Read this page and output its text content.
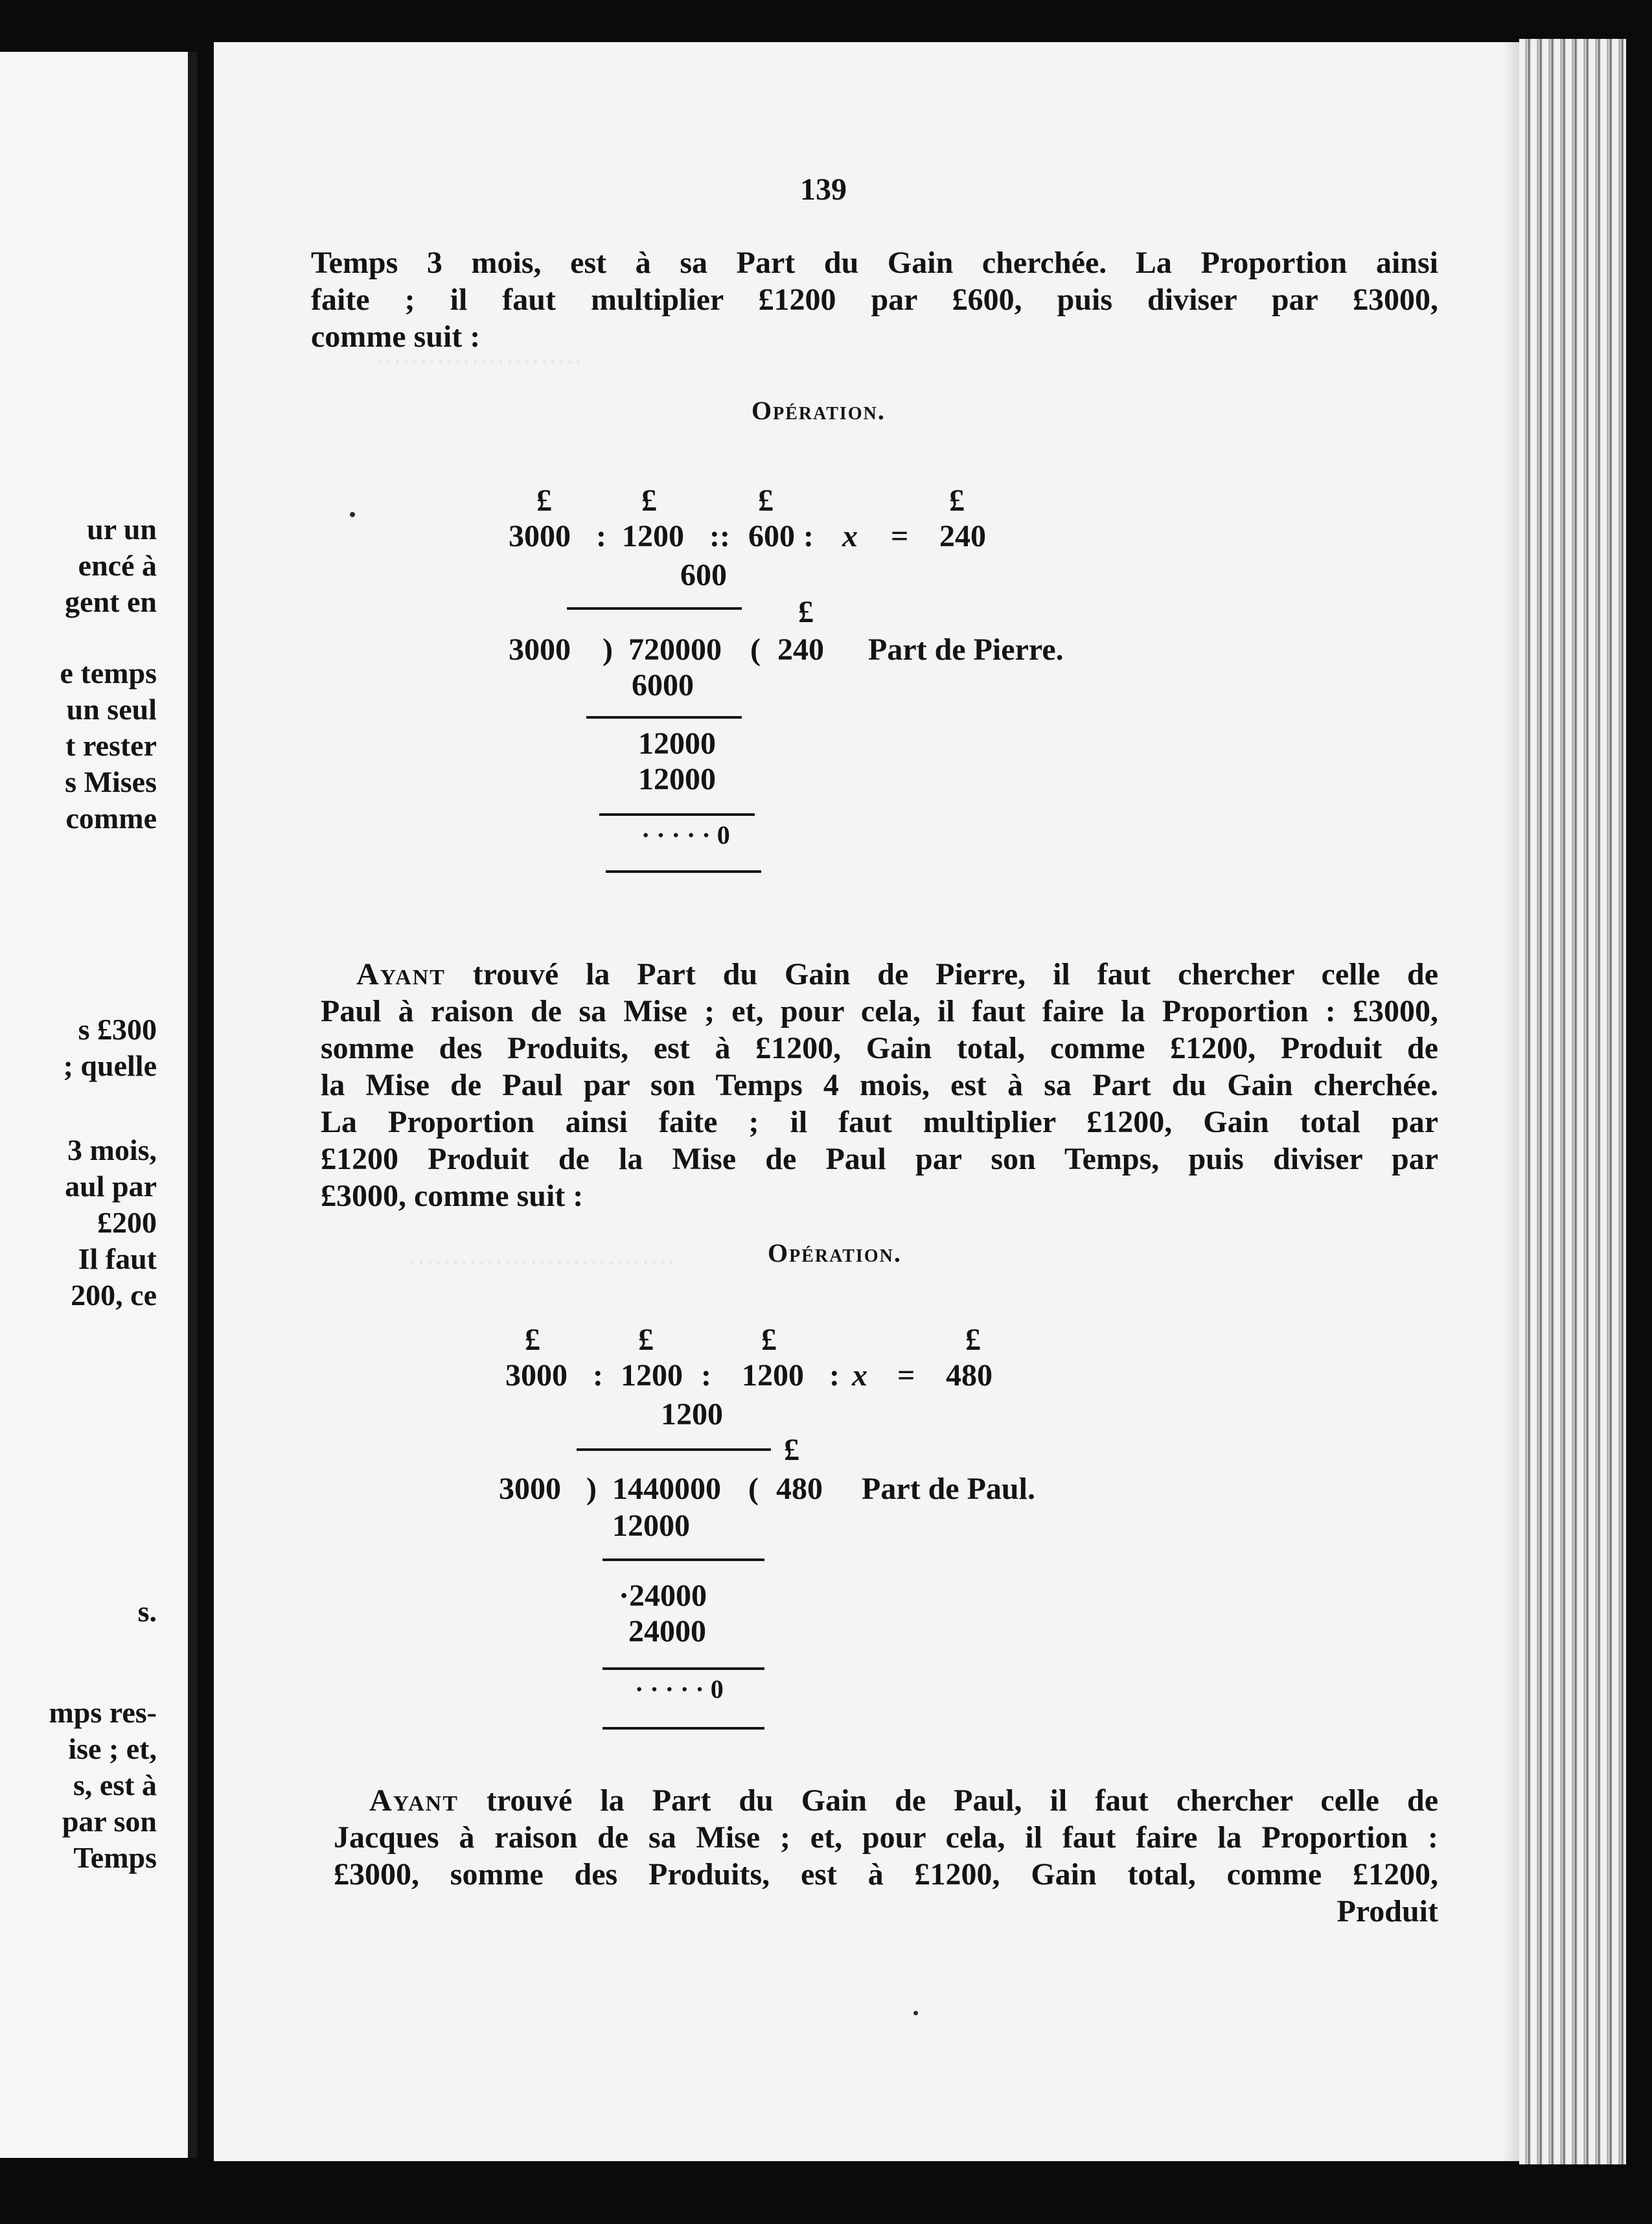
ur un
encé à
gent en
e temps
un seul
t rester
s Mises
comme
s £300
; quelle
3 mois,
aul par
£200
Il faut
200, ce
s.
mps res-
ise ; et,
s, est à
par son
Temps
························
·······························
139

Temps 3 mois, est à sa Part du Gain cherchée. La Proportion ainsi

faite ; il faut multiplier £1200 par £600, puis diviser par £3000,

comme suit :

Opération.
£	£	£	£
3000 : 1200 :: 600 : x = 240
600
£
3000 ) 720000 ( 240 Part de Pierre.
6000
12000
12000
· · · · · 0

Ayant trouvé la Part du Gain de Pierre, il faut chercher celle de

Paul à raison de sa Mise ; et, pour cela, il faut faire la Proportion : £3000,

somme des Produits, est à £1200, Gain total, comme £1200, Produit de

la Mise de Paul par son Temps 4 mois, est à sa Part du Gain cherchée.

La Proportion ainsi faite ; il faut multiplier £1200, Gain total par

£1200 Produit de la Mise de Paul par son Temps, puis diviser par

£3000, comme suit :

Opération.
£	£	£	£
3000 : 1200 : 1200 : x = 480
1200
£
3000 ) 1440000 ( 480 Part de Paul.
12000
·24000
24000
· · · · · 0

Ayant trouvé la Part du Gain de Paul, il faut chercher celle de

Jacques à raison de sa Mise ; et, pour cela, il faut faire la Proportion :

£3000, somme des Produits, est à £1200, Gain total, comme £1200,

Produit
